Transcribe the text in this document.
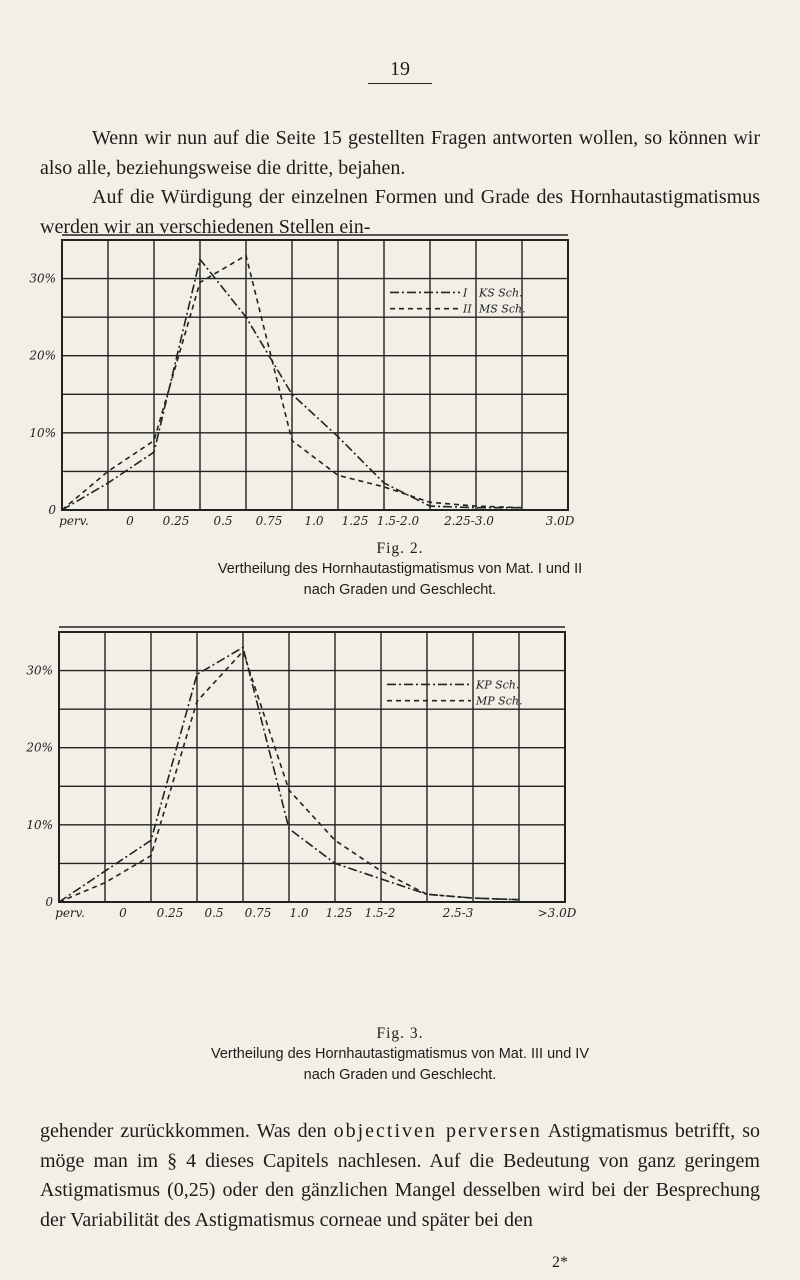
19
Wenn wir nun auf die Seite 15 gestellten Fragen antworten wollen, so können wir also alle, beziehungsweise die dritte, bejahen.
Auf die Würdigung der einzelnen Formen und Grade des Hornhautastigmatismus werden wir an verschiedenen Stellen ein-
0
10%
20%
30%
perv.	0 0.25 0.5 0.75 1.0 1.25 1.5-2.0 2.25-3.0	3.0D
I KS Sch.
II MS Sch.
0
10%
20%
30%
perv.	0 0.25 0.5 0.75 1.0 1.25 1.5-2	2.5-3	>3.0D
KP Sch.
MP Sch.
Fig. 2.
Vertheilung des Hornhautastigmatismus von Mat. I und II
nach Graden und Geschlecht.
Fig. 3.
Vertheilung des Hornhautastigmatismus von Mat. III und IV
nach Graden und Geschlecht.
gehender zurückkommen. Was den objectiven perversen Astigmatismus betrifft, so möge man im § 4 dieses Capitels nachlesen. Auf die Bedeutung von ganz geringem Astigmatismus (0,25) oder den gänzlichen Mangel desselben wird bei der Besprechung der Variabilität des Astigmatismus corneae und später bei den
2*
